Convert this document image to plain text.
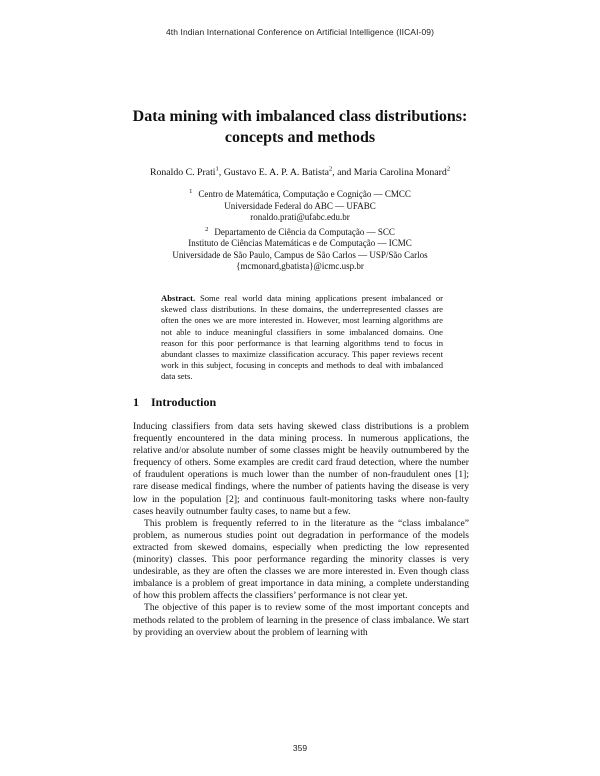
4th Indian International Conference on Artificial Intelligence (IICAI-09)
Data mining with imbalanced class distributions:
concepts and methods
Ronaldo C. Prati$^1$, Gustavo E. A. P. A. Batista$^2$, and Maria Carolina Monard$^2$
$^1$ Centro de Matemática, Computação e Cognição — CMCC
Universidade Federal do ABC — UFABC
ronaldo.prati@ufabc.edu.br
$^2$ Departamento de Ciência da Computação — SCC
Instituto de Ciências Matemáticas e de Computação — ICMC
Universidade de São Paulo, Campus de São Carlos — USP/São Carlos
{mcmonard,gbatista}@icmc.usp.br
Abstract. Some real world data mining applications present imbalanced or skewed class distributions. In these domains, the underrepresented classes are often the ones we are more interested in. However, most learning algorithms are not able to induce meaningful classifiers in some imbalanced domains. One reason for this poor performance is that learning algorithms tend to focus in abundant classes to maximize classification accuracy. This paper reviews recent work in this subject, focusing in concepts and methods to deal with imbalanced data sets.
1 Introduction

Inducing classifiers from data sets having skewed class distributions is a problem frequently encountered in the data mining process. In numerous applications, the relative and/or absolute number of some classes might be heavily outnumbered by the frequency of others. Some examples are credit card fraud detection, where the number of fraudulent operations is much lower than the number of non-fraudulent ones [1]; rare disease medical findings, where the number of patients having the disease is very low in the population [2]; and continuous fault-monitoring tasks where non-faulty cases heavily outnumber faulty cases, to name but a few.

This problem is frequently referred to in the literature as the “class imbalance” problem, as numerous studies point out degradation in performance of the models extracted from skewed domains, especially when predicting the low represented (minority) classes. This poor performance regarding the minority classes is very undesirable, as they are often the classes we are more interested in. Even though class imbalance is a problem of great importance in data mining, a complete understanding of how this problem affects the classifiers’ performance is not clear yet.

The objective of this paper is to review some of the most important concepts and methods related to the problem of learning in the presence of class imbalance. We start by providing an overview about the problem of learning with

359
